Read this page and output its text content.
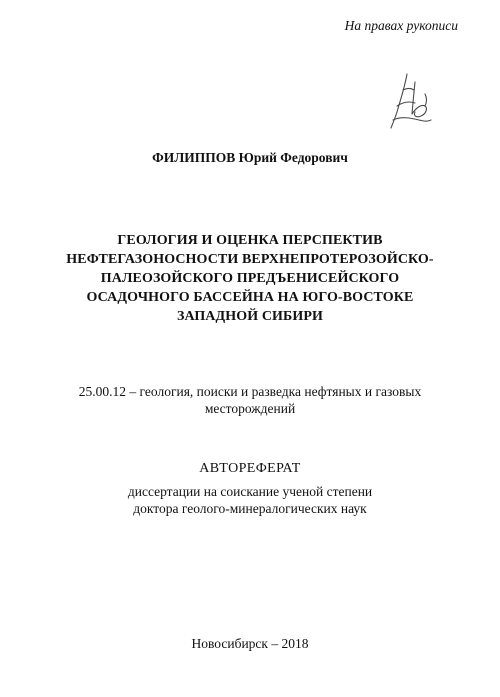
На правах рукописи
ФИЛИППОВ Юрий Федорович
ГЕОЛОГИЯ И ОЦЕНКА ПЕРСПЕКТИВ
НЕФТЕГАЗОНОСНОСТИ ВЕРХНЕПРОТЕРОЗОЙСКО-
ПАЛЕОЗОЙСКОГО ПРЕДЪЕНИСЕЙСКОГО
ОСАДОЧНОГО БАССЕЙНА НА ЮГО-ВОСТОКЕ
ЗАПАДНОЙ СИБИРИ
25.00.12 – геология, поиски и разведка нефтяных и газовых
месторождений
АВТОРЕФЕРАТ
диссертации на соискание ученой степени
доктора геолого-минералогических наук
Новосибирск – 2018
